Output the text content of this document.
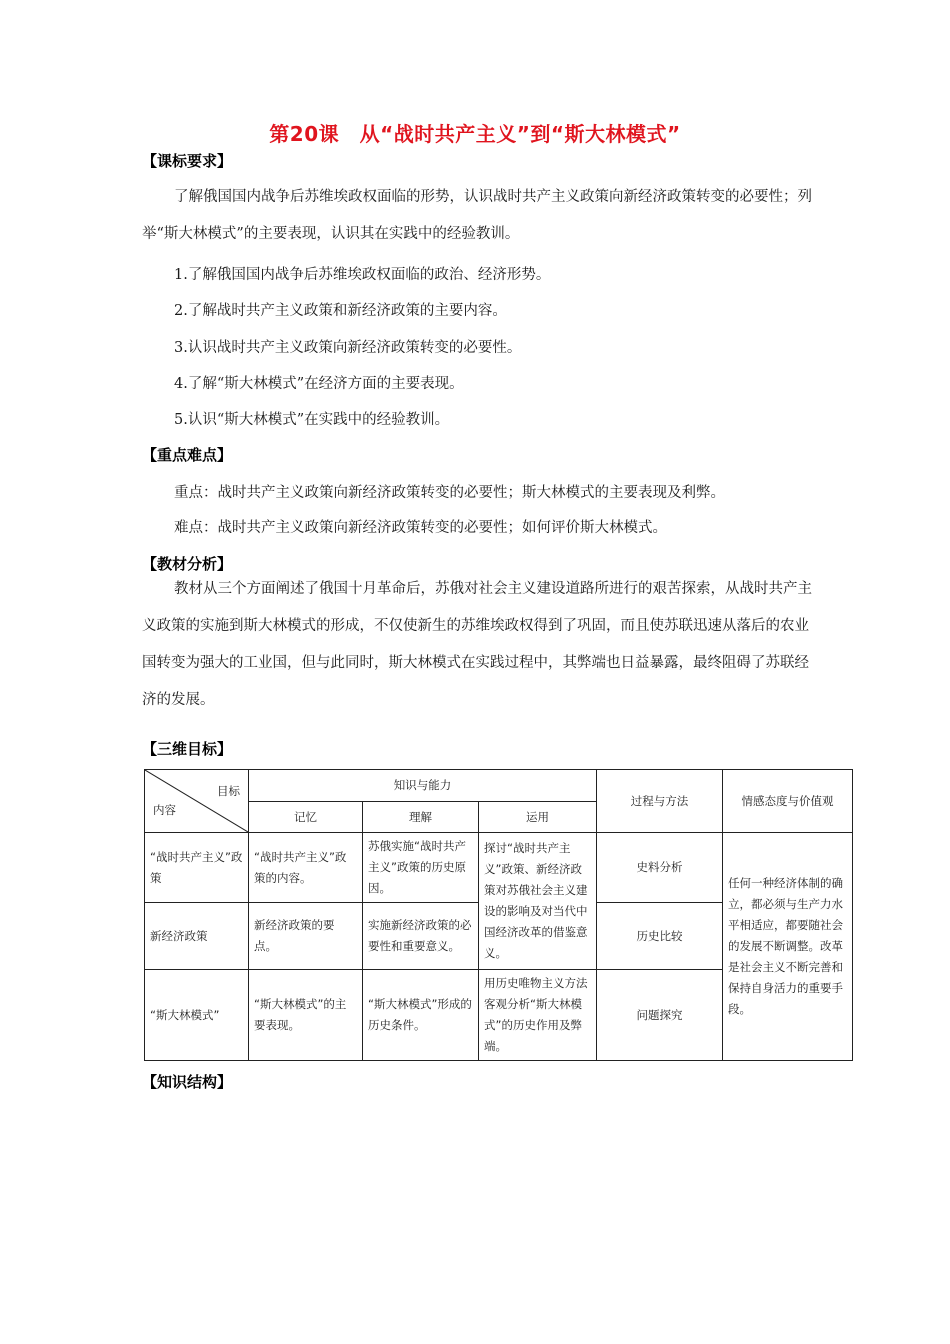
第20课　从“战时共产主义”到“斯大林模式”
【课标要求】

了解俄国国内战争后苏维埃政权面临的形势，认识战时共产主义政策向新经济政策转变的必要性；列举“斯大林模式”的主要表现，认识其在实践中的经验教训。

1.了解俄国国内战争后苏维埃政权面临的政治、经济形势。
2.了解战时共产主义政策和新经济政策的主要内容。
3.认识战时共产主义政策向新经济政策转变的必要性。
4.了解“斯大林模式”在经济方面的主要表现。
5.认识“斯大林模式”在实践中的经验教训。
【重点难点】
重点：战时共产主义政策向新经济政策转变的必要性；斯大林模式的主要表现及利弊。
难点：战时共产主义政策向新经济政策转变的必要性；如何评价斯大林模式。
【教材分析】

教材从三个方面阐述了俄国十月革命后，苏俄对社会主义建设道路所进行的艰苦探索，从战时共产主义政策的实施到斯大林模式的形成，不仅使新生的苏维埃政权得到了巩固，而且使苏联迅速从落后的农业国转变为强大的工业国，但与此同时，斯大林模式在实践过程中，其弊端也日益暴露，最终阻碍了苏联经济的发展。

【三维目标】
目标
内容	知识与能力			过程与方法	情感态度与价值观
	记忆	理解	运用		
“战时共产主义”政策	“战时共产主义”政策的内容。	苏俄实施“战时共产主义”政策的历史原因。	探讨“战时共产主义”政策、新经济政策对苏俄社会主义建设的影响及对当代中国经济改革的借鉴意义。	史料分析	任何一种经济体制的确立，都必须与生产力水平相适应，都要随社会的发展不断调整。改革是社会主义不断完善和保持自身活力的重要手段。
新经济政策	新经济政策的要点。	实施新经济政策的必要性和重要意义。		历史比较	
“斯大林模式”	“斯大林模式”的主要表现。	“斯大林模式”形成的历史条件。	用历史唯物主义方法客观分析“斯大林模式”的历史作用及弊端。	问题探究	
【知识结构】
